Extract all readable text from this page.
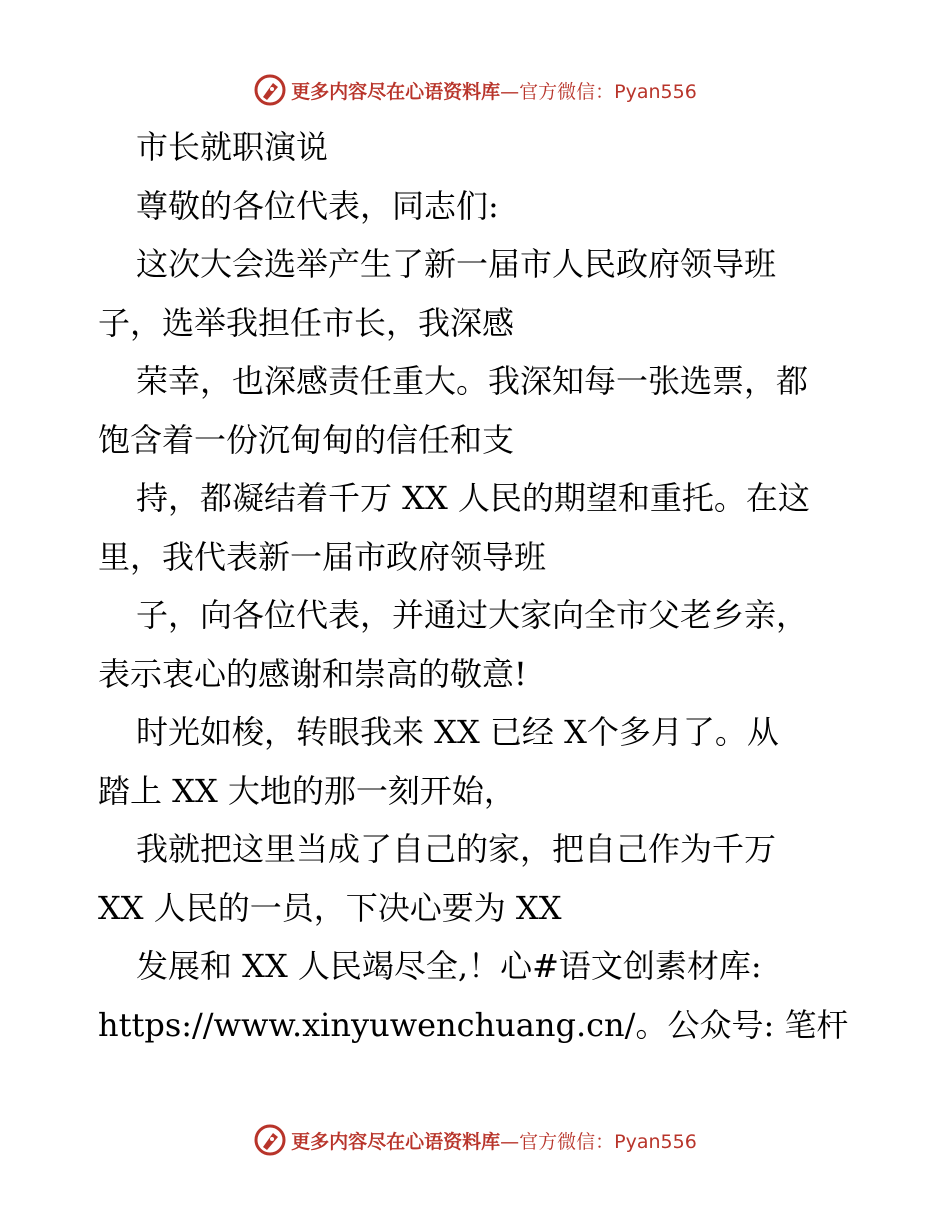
更多内容尽在心语资料库 —官方微信：Pyan556
市长就职演说
尊敬的各位代表，同志们:
这次大会选举产生了新一届市人民政府领导班
子，选举我担任市长，我深感
荣幸，也深感责任重大。我深知每一张选票，都
饱含着一份沉甸甸的信任和支
持，都凝结着千万 XX 人民的期望和重托。在这
里，我代表新一届市政府领导班
子，向各位代表，并通过大家向全市父老乡亲，
表示衷心的感谢和崇高的敬意!
时光如梭，转眼我来 XX 已经 X个多月了。从
踏上 XX 大地的那一刻开始，
我就把这里当成了自己的家，把自己作为千万
XX 人民的一员，下决心要为 XX
发展和 XX 人民竭尽全,！心#语文创素材库:
https://www.xinyuwenchuang.cn/。公众号: 笔杆
更多内容尽在心语资料库 —官方微信：Pyan556
